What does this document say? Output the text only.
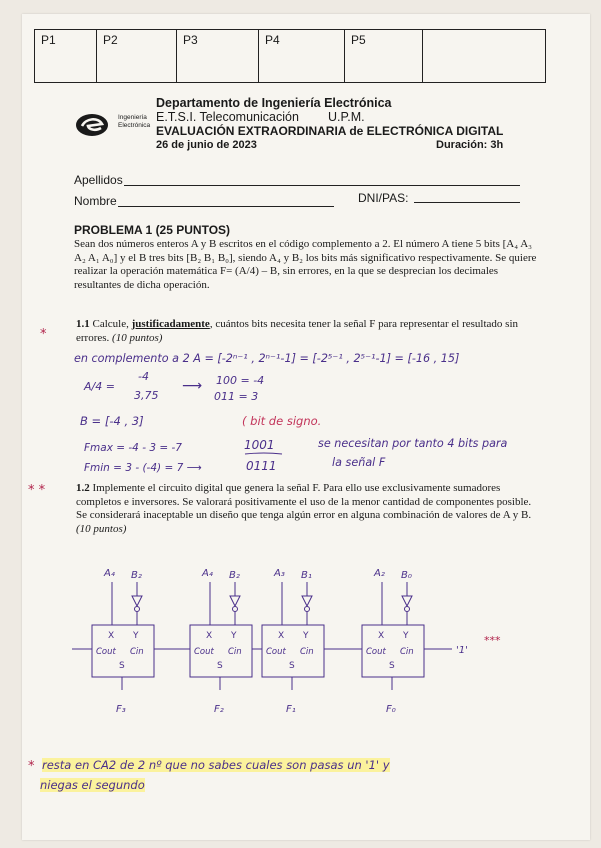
P1	P2	P3	P4	P5
Ingeniería
Electrónica
Departamento de Ingeniería Electrónica
E.T.S.I. Telecomunicación U.P.M.
EVALUACIÓN EXTRAORDINARIA de ELECTRÓNICA DIGITAL
26 de junio de 2023	Duración: 3h
Apellidos
Nombre	DNI/PAS:
PROBLEMA 1 (25 PUNTOS)
Sean dos números enteros A y B escritos en el código complemento a 2. El número A tiene 5 bits [A₄ A₃ A₂ A₁ A₀] y el B tres bits [B₂ B₁ B₀], siendo A₄ y B₂ los bits más significativo respectivamente. Se quiere realizar la operación matemática F= (A/4) – B, sin errores, en la que se desprecian los decimales resultantes de dicha operación.
*
1.1 Calcule, justificadamente, cuántos bits necesita tener la señal F para representar el resultado sin errores. (10 puntos)
en complemento a 2 A = [-2ⁿ⁻¹ , 2ⁿ⁻¹-1] = [-2⁵⁻¹ , 2⁵⁻¹-1] = [-16 , 15]
A/4 =
-4
3,75
⟶ 100 = -4
011 = 3
B = [-4 , 3]	( bit de signo.
Fmax = -4 - 3 = -7	1001
Fmin = 3 - (-4) = 7 ⟶	0111
se necesitan por tanto 4 bits para
la señal F
* *	1.2 Implemente el circuito digital que genera la señal F. Para ello use exclusivamente sumadores completos e inversores. Se valorará positivamente el uso de la menor cantidad de componentes posible. Se considerará inaceptable un diseño que tenga algún error en alguna combinación de valores de A y B. (10 puntos)
A₄ B₂
X Y
Cout Cin
S
F₃
A₄ B₂
X Y
Cout Cin
S
F₂
A₃ B₁
X Y
Cout Cin
S
F₁
A₂ B₀
X Y
Cout Cin
S
F₀
'1'
***
* resta en CA2 de 2 nº que no sabes cuales son pasas un '1' y
niegas el segundo
